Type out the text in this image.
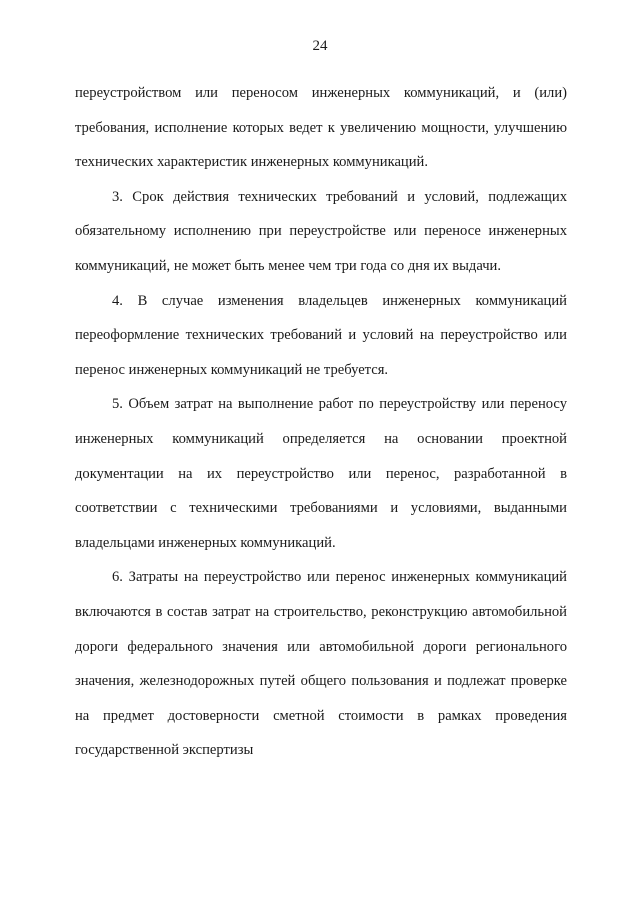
24

переустройством или переносом инженерных коммуникаций, и (или) требования, исполнение которых ведет к увеличению мощности, улучшению технических характеристик инженерных коммуникаций.

3. Срок действия технических требований и условий, подлежащих обязательному исполнению при переустройстве или переносе инженерных коммуникаций, не может быть менее чем три года со дня их выдачи.

4. В случае изменения владельцев инженерных коммуникаций переоформление технических требований и условий на переустройство или перенос инженерных коммуникаций не требуется.

5. Объем затрат на выполнение работ по переустройству или переносу инженерных коммуникаций определяется на основании проектной документации на их переустройство или перенос, разработанной в соответствии с техническими требованиями и условиями, выданными владельцами инженерных коммуникаций.

6. Затраты на переустройство или перенос инженерных коммуникаций включаются в состав затрат на строительство, реконструкцию автомобильной дороги федерального значения или автомобильной дороги регионального значения, железнодорожных путей общего пользования и подлежат проверке на предмет достоверности сметной стоимости в рамках проведения государственной экспертизы
